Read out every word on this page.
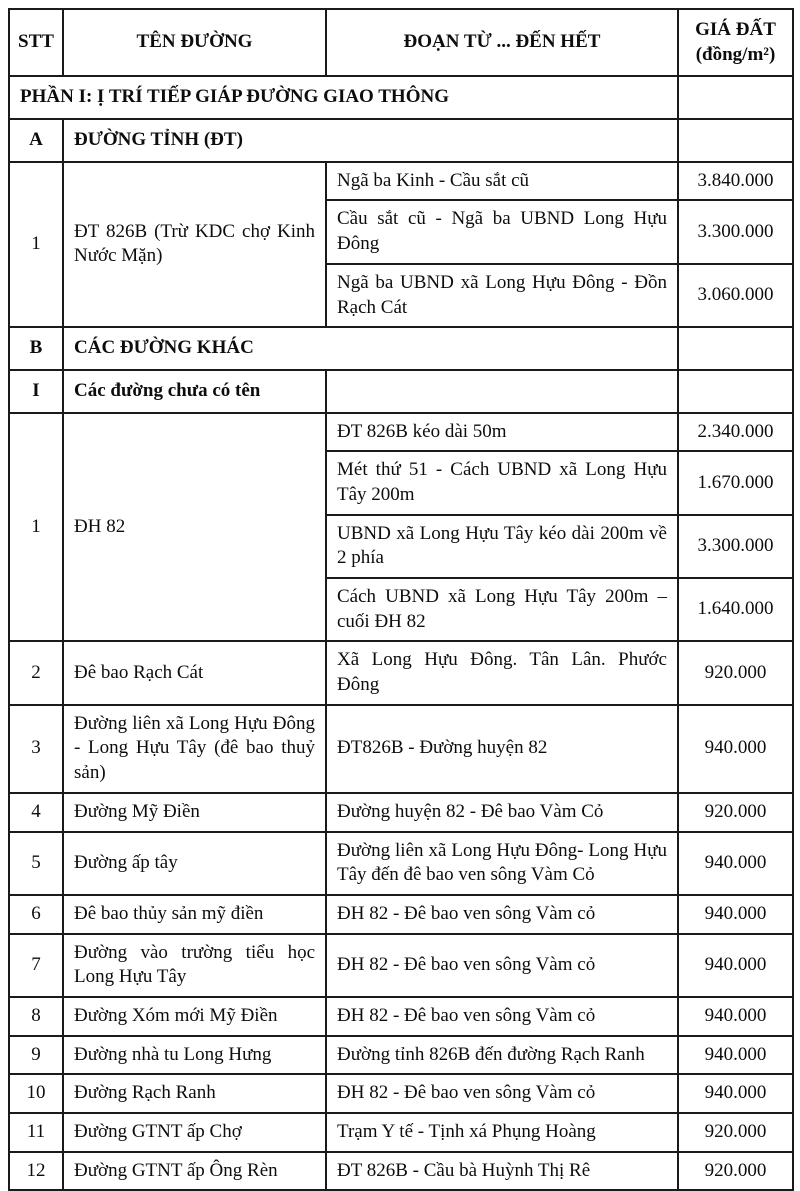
STT	TÊN ĐƯỜNG	ĐOẠN TỪ ... ĐẾN HẾT	GIÁ ĐẤT (đồng/m²)
PHẦN I: Ị TRÍ TIẾP GIÁP ĐƯỜNG GIAO THÔNG			
A	ĐƯỜNG TỈNH (ĐT)		
1	ĐT 826B (Trừ KDC chợ Kinh Nước Mặn)	Ngã ba Kinh - Cầu sắt cũ	3.840.000
		Cầu sắt cũ - Ngã ba UBND Long Hựu Đông	3.300.000
		Ngã ba UBND xã Long Hựu Đông - Đồn Rạch Cát	3.060.000
B	CÁC ĐƯỜNG KHÁC		
I	Các đường chưa có tên		
1	ĐH 82	ĐT 826B kéo dài 50m	2.340.000
		Mét thứ 51 - Cách UBND xã Long Hựu Tây 200m	1.670.000
		UBND xã Long Hựu Tây kéo dài 200m về 2 phía	3.300.000
		Cách UBND xã Long Hựu Tây 200m – cuối ĐH 82	1.640.000
2	Đê bao Rạch Cát	Xã Long Hựu Đông. Tân Lân. Phước Đông	920.000
3	Đường liên xã Long Hựu Đông - Long Hựu Tây (đê bao thuỷ sản)	ĐT826B - Đường huyện 82	940.000
4	Đường Mỹ Điền	Đường huyện 82 - Đê bao Vàm Cỏ	920.000
5	Đường ấp tây	Đường liên xã Long Hựu Đông- Long Hựu Tây đến đê bao ven sông Vàm Cỏ	940.000
6	Đê bao thủy sản mỹ điền	ĐH 82 - Đê bao ven sông Vàm cỏ	940.000
7	Đường vào trường tiểu học Long Hựu Tây	ĐH 82 - Đê bao ven sông Vàm cỏ	940.000
8	Đường Xóm mới Mỹ Điền	ĐH 82 - Đê bao ven sông Vàm cỏ	940.000
9	Đường nhà tu Long Hưng	Đường tỉnh 826B đến đường Rạch Ranh	940.000
10	Đường Rạch Ranh	ĐH 82 - Đê bao ven sông Vàm cỏ	940.000
11	Đường GTNT ấp Chợ	Trạm Y tế - Tịnh xá Phụng Hoàng	920.000
12	Đường GTNT ấp Ông Rèn	ĐT 826B - Cầu bà Huỳnh Thị Rê	920.000
